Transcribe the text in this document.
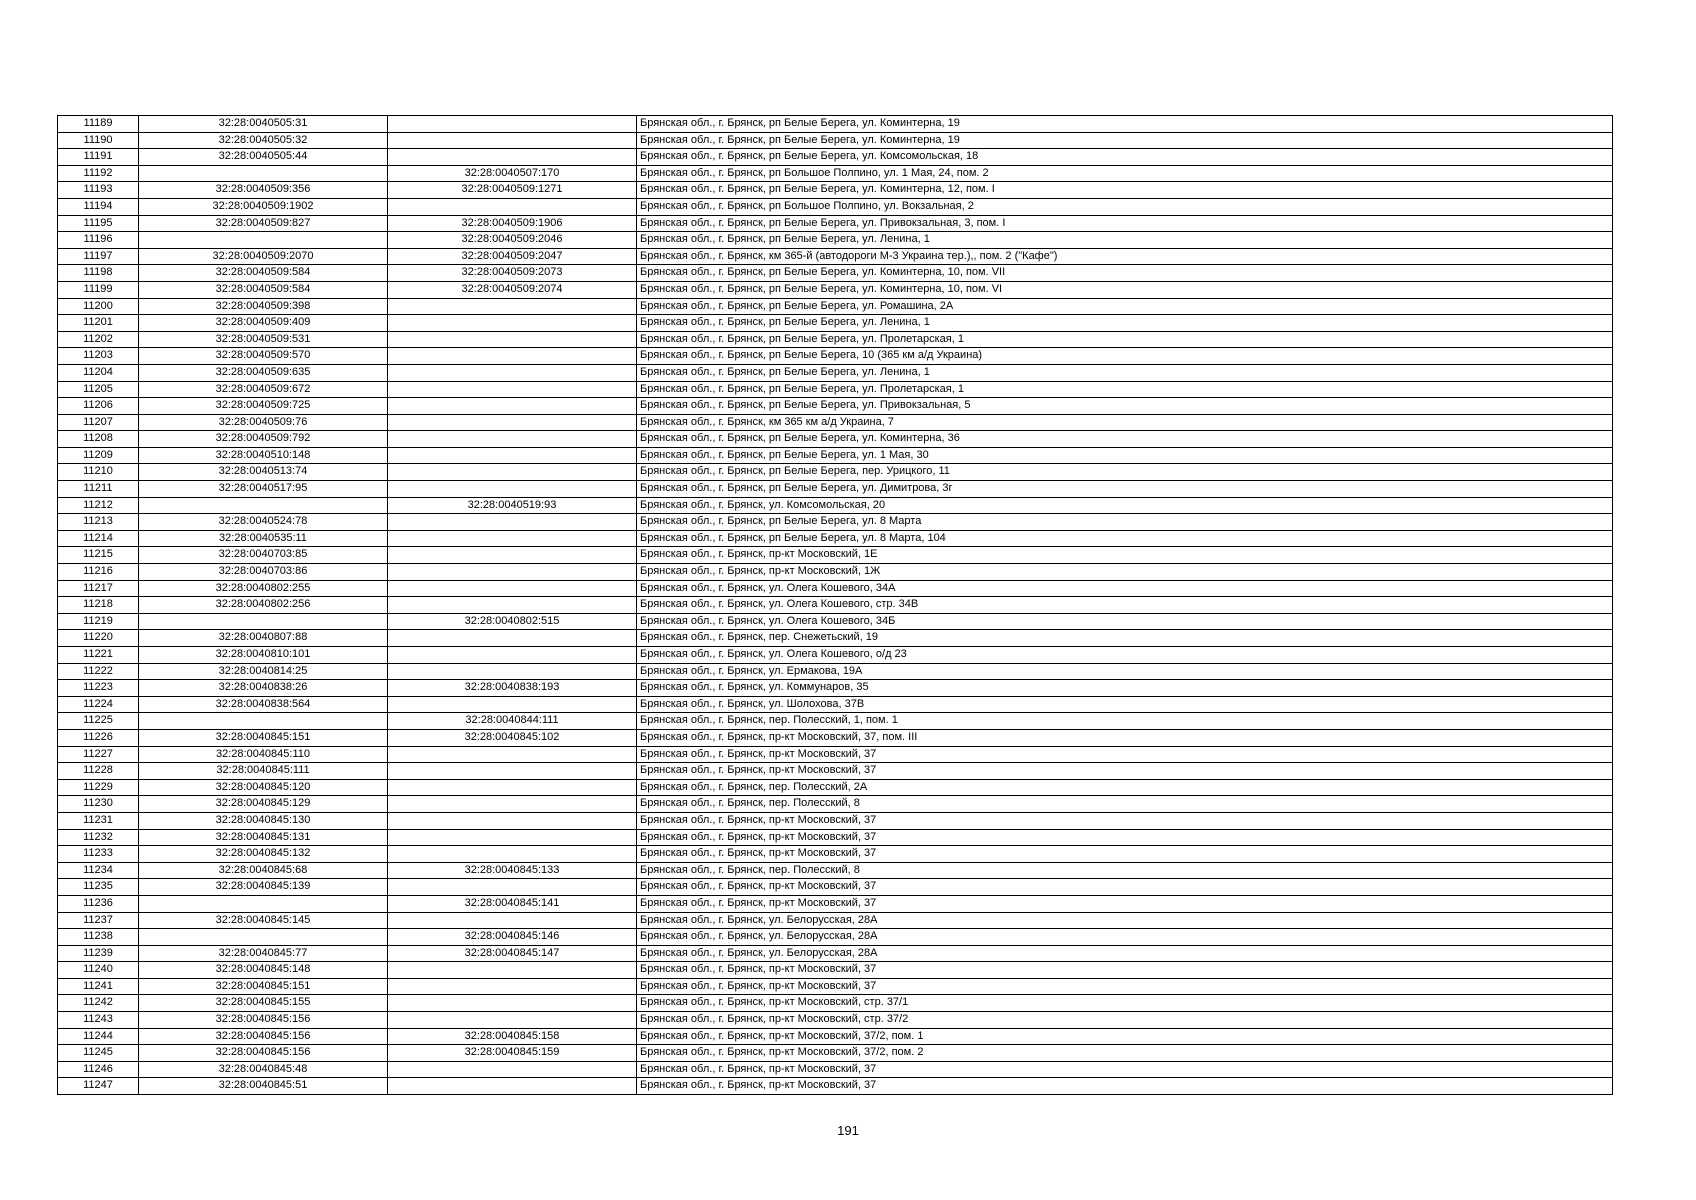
11189	32:28:0040505:31		Брянская обл., г. Брянск, рп Белые Берега, ул. Коминтерна, 19
11190	32:28:0040505:32		Брянская обл., г. Брянск, рп Белые Берега, ул. Коминтерна, 19
11191	32:28:0040505:44		Брянская обл., г. Брянск, рп Белые Берега, ул. Комсомольская, 18
11192		32:28:0040507:170	Брянская обл., г. Брянск, рп Большое Полпино, ул. 1 Мая, 24, пом. 2
11193	32:28:0040509:356	32:28:0040509:1271	Брянская обл., г. Брянск, рп Белые Берега, ул. Коминтерна, 12, пом. I
11194	32:28:0040509:1902		Брянская обл., г. Брянск, рп Большое Полпино, ул. Вокзальная, 2
11195	32:28:0040509:827	32:28:0040509:1906	Брянская обл., г. Брянск, рп Белые Берега, ул. Привокзальная, 3, пом. I
11196		32:28:0040509:2046	Брянская обл., г. Брянск, рп Белые Берега, ул. Ленина, 1
11197	32:28:0040509:2070	32:28:0040509:2047	Брянская обл., г. Брянск, км 365-й (автодороги М-3 Украина тер.),, пом. 2 ("Кафе")
11198	32:28:0040509:584	32:28:0040509:2073	Брянская обл., г. Брянск, рп Белые Берега, ул. Коминтерна, 10, пом. VII
11199	32:28:0040509:584	32:28:0040509:2074	Брянская обл., г. Брянск, рп Белые Берега, ул. Коминтерна, 10, пом. VI
11200	32:28:0040509:398		Брянская обл., г. Брянск, рп Белые Берега, ул. Ромашина, 2А
11201	32:28:0040509:409		Брянская обл., г. Брянск, рп Белые Берега, ул. Ленина, 1
11202	32:28:0040509:531		Брянская обл., г. Брянск, рп Белые Берега, ул. Пролетарская, 1
11203	32:28:0040509:570		Брянская обл., г. Брянск, рп Белые Берега, 10 (365 км а/д Украина)
11204	32:28:0040509:635		Брянская обл., г. Брянск, рп Белые Берега, ул. Ленина, 1
11205	32:28:0040509:672		Брянская обл., г. Брянск, рп Белые Берега, ул. Пролетарская, 1
11206	32:28:0040509:725		Брянская обл., г. Брянск, рп Белые Берега, ул. Привокзальная, 5
11207	32:28:0040509:76		Брянская обл., г. Брянск, км 365 км а/д Украина, 7
11208	32:28:0040509:792		Брянская обл., г. Брянск, рп Белые Берега, ул. Коминтерна, 36
11209	32:28:0040510:148		Брянская обл., г. Брянск, рп Белые Берега, ул. 1 Мая, 30
11210	32:28:0040513:74		Брянская обл., г. Брянск, рп Белые Берега, пер. Урицкого, 11
11211	32:28:0040517:95		Брянская обл., г. Брянск, рп Белые Берега, ул. Димитрова, 3г
11212		32:28:0040519:93	Брянская обл., г. Брянск, ул. Комсомольская, 20
11213	32:28:0040524:78		Брянская обл., г. Брянск, рп Белые Берега, ул. 8 Марта
11214	32:28:0040535:11		Брянская обл., г. Брянск, рп Белые Берега, ул. 8 Марта, 104
11215	32:28:0040703:85		Брянская обл., г. Брянск, пр-кт Московский, 1Е
11216	32:28:0040703:86		Брянская обл., г. Брянск, пр-кт Московский, 1Ж
11217	32:28:0040802:255		Брянская обл., г. Брянск, ул. Олега Кошевого, 34А
11218	32:28:0040802:256		Брянская обл., г. Брянск, ул. Олега Кошевого, стр. 34В
11219		32:28:0040802:515	Брянская обл., г. Брянск, ул. Олега Кошевого, 34Б
11220	32:28:0040807:88		Брянская обл., г. Брянск, пер. Снежетьский, 19
11221	32:28:0040810:101		Брянская обл., г. Брянск, ул. Олега Кошевого, о/д 23
11222	32:28:0040814:25		Брянская обл., г. Брянск, ул. Ермакова, 19А
11223	32:28:0040838:26	32:28:0040838:193	Брянская обл., г. Брянск, ул. Коммунаров, 35
11224	32:28:0040838:564		Брянская обл., г. Брянск, ул. Шолохова, 37В
11225		32:28:0040844:111	Брянская обл., г. Брянск, пер. Полесский, 1, пом. 1
11226	32:28:0040845:151	32:28:0040845:102	Брянская обл., г. Брянск, пр-кт Московский, 37, пом. III
11227	32:28:0040845:110		Брянская обл., г. Брянск, пр-кт Московский, 37
11228	32:28:0040845:111		Брянская обл., г. Брянск, пр-кт Московский, 37
11229	32:28:0040845:120		Брянская обл., г. Брянск, пер. Полесский, 2А
11230	32:28:0040845:129		Брянская обл., г. Брянск, пер. Полесский, 8
11231	32:28:0040845:130		Брянская обл., г. Брянск, пр-кт Московский, 37
11232	32:28:0040845:131		Брянская обл., г. Брянск, пр-кт Московский, 37
11233	32:28:0040845:132		Брянская обл., г. Брянск, пр-кт Московский, 37
11234	32:28:0040845:68	32:28:0040845:133	Брянская обл., г. Брянск, пер. Полесский, 8
11235	32:28:0040845:139		Брянская обл., г. Брянск, пр-кт Московский, 37
11236		32:28:0040845:141	Брянская обл., г. Брянск, пр-кт Московский, 37
11237	32:28:0040845:145		Брянская обл., г. Брянск, ул. Белорусская, 28А
11238		32:28:0040845:146	Брянская обл., г. Брянск, ул. Белорусская, 28А
11239	32:28:0040845:77	32:28:0040845:147	Брянская обл., г. Брянск, ул. Белорусская, 28А
11240	32:28:0040845:148		Брянская обл., г. Брянск, пр-кт Московский, 37
11241	32:28:0040845:151		Брянская обл., г. Брянск, пр-кт Московский, 37
11242	32:28:0040845:155		Брянская обл., г. Брянск, пр-кт Московский, стр. 37/1
11243	32:28:0040845:156		Брянская обл., г. Брянск, пр-кт Московский, стр. 37/2
11244	32:28:0040845:156	32:28:0040845:158	Брянская обл., г. Брянск, пр-кт Московский, 37/2, пом. 1
11245	32:28:0040845:156	32:28:0040845:159	Брянская обл., г. Брянск, пр-кт Московский, 37/2, пом. 2
11246	32:28:0040845:48		Брянская обл., г. Брянск, пр-кт Московский, 37
11247	32:28:0040845:51		Брянская обл., г. Брянск, пр-кт Московский, 37
191
